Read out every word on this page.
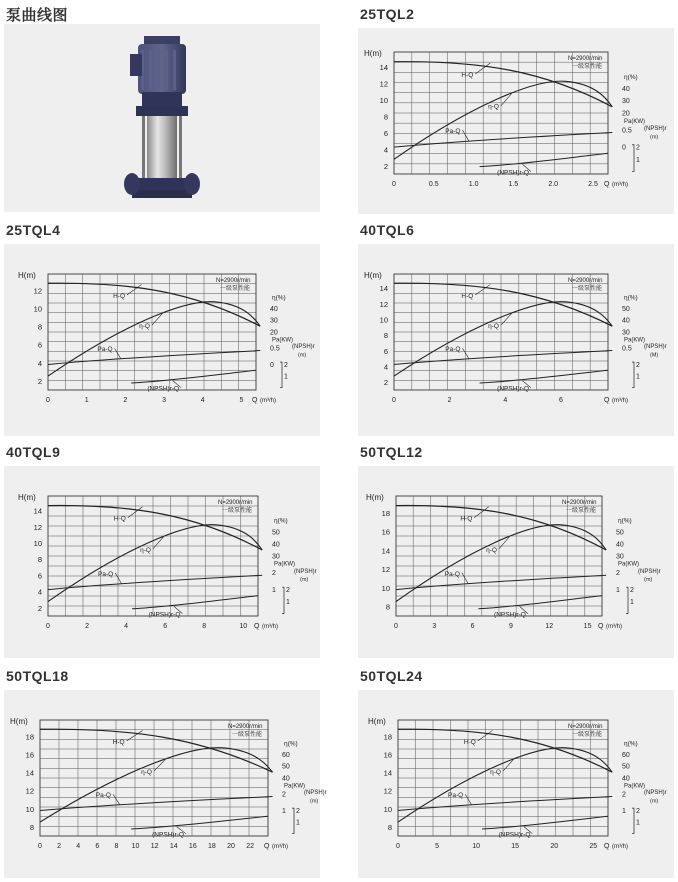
泵曲线图	25TQL2
25TQL4	40TQL6
40TQL9	50TQL12
50TQL18	50TQL24
2
4
6
8
10
12
14
H(m)
0	0.5	1.0	1.5	2.0	2.5 Q (m³/h)
N=2900r/min
一级泵性能
η(%)
40
30
20
Pa(KW)
0.5 (NPSH)r
(m)
0 2
1
H-Q
η-Q
Pa-Q
(NPSH)r-Q
2
4
6
8
10
12
H(m)
0	1	2	3	4	5 Q (m³/h)
N=2900r/min
一级泵性能
η(%)
40
30
20
Pa(KW)
0.5 (NPSH)r
(m)
0 2
1
H-Q
η-Q
Pa-Q
(NPSH)r-Q
2
4
6
8
10
12
14
H(m)
0	2	4	6	Q (m³/h)
N=2900r/min
一级泵性能
η(%)
50
40
30
Pa(KW)
0.5 (NPSH)r
(M)
2
1
H-Q
η-Q
Pa-Q
(NPSH)r-Q
2
4
6
8
10
12
14
H(m)
0	2	4	6	8	10 Q (m³/h)
N=2900r/min
一级泵性能
η(%)
50
40
30
Pa(KW)
2	(NPSH)r
(m)
1 2
1
H-Q
η-Q
Pa-Q
(NPSH)r-Q
8
10
12
14
16
18
H(m)
0	3	6	9	12	15 Q (m³/h)
N=2900r/min
一级泵性能
η(%)
50
40
30
Pa(KW)
2	(NPSH)r
(m)
1 2
1
H-Q
η-Q
Pa-Q
(NPSH)r-Q
8
10
12
14
16
18
H(m)
0 2 4 6 8 10 12 14 16 18 20 22 Q (m³/h)
N=2900r/min
一级泵性能
η(%)
60
50
40
Pa(KW)
2	(NPSH)r
(m)
1 2
1
H-Q
η-Q
Pa-Q
(NPSH)r-Q
8
10
12
14
16
18
H(m)
0	5	10	15	20	25 Q (m³/h)
N=2900r/min
一级泵性能
η(%)
60
50
40
Pa(KW)
2	(NPSH)r
(m)
1 2
1
H-Q
η-Q
Pa-Q
(NPSH)r-Q
